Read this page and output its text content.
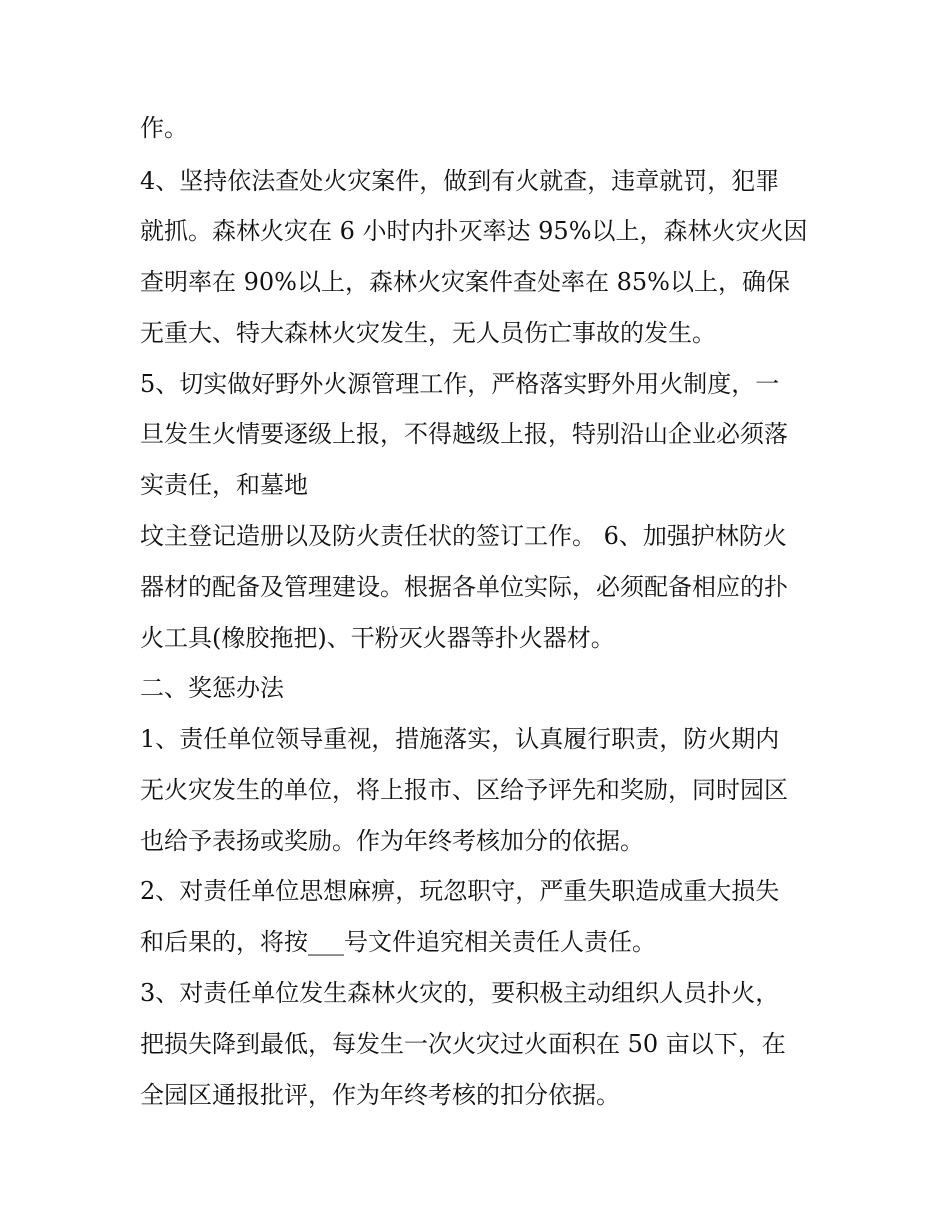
作。
4、坚持依法查处火灾案件，做到有火就查，违章就罚，犯罪
就抓。森林火灾在 6 小时内扑灭率达 95%以上，森林火灾火因
查明率在 90%以上，森林火灾案件查处率在 85%以上，确保
无重大、特大森林火灾发生，无人员伤亡事故的发生。
5、切实做好野外火源管理工作，严格落实野外用火制度，一
旦发生火情要逐级上报，不得越级上报，特别沿山企业必须落
实责任，和墓地
坟主登记造册以及防火责任状的签订工作。 6、加强护林防火
器材的配备及管理建设。根据各单位实际，必须配备相应的扑
火工具(橡胶拖把)、干粉灭火器等扑火器材。
二、奖惩办法
1、责任单位领导重视，措施落实，认真履行职责，防火期内
无火灾发生的单位，将上报市、区给予评先和奖励，同时园区
也给予表扬或奖励。作为年终考核加分的依据。
2、对责任单位思想麻痹，玩忽职守，严重失职造成重大损失
和后果的，将按___号文件追究相关责任人责任。
3、对责任单位发生森林火灾的，要积极主动组织人员扑火，
把损失降到最低，每发生一次火灾过火面积在 50 亩以下，在
全园区通报批评，作为年终考核的扣分依据。
